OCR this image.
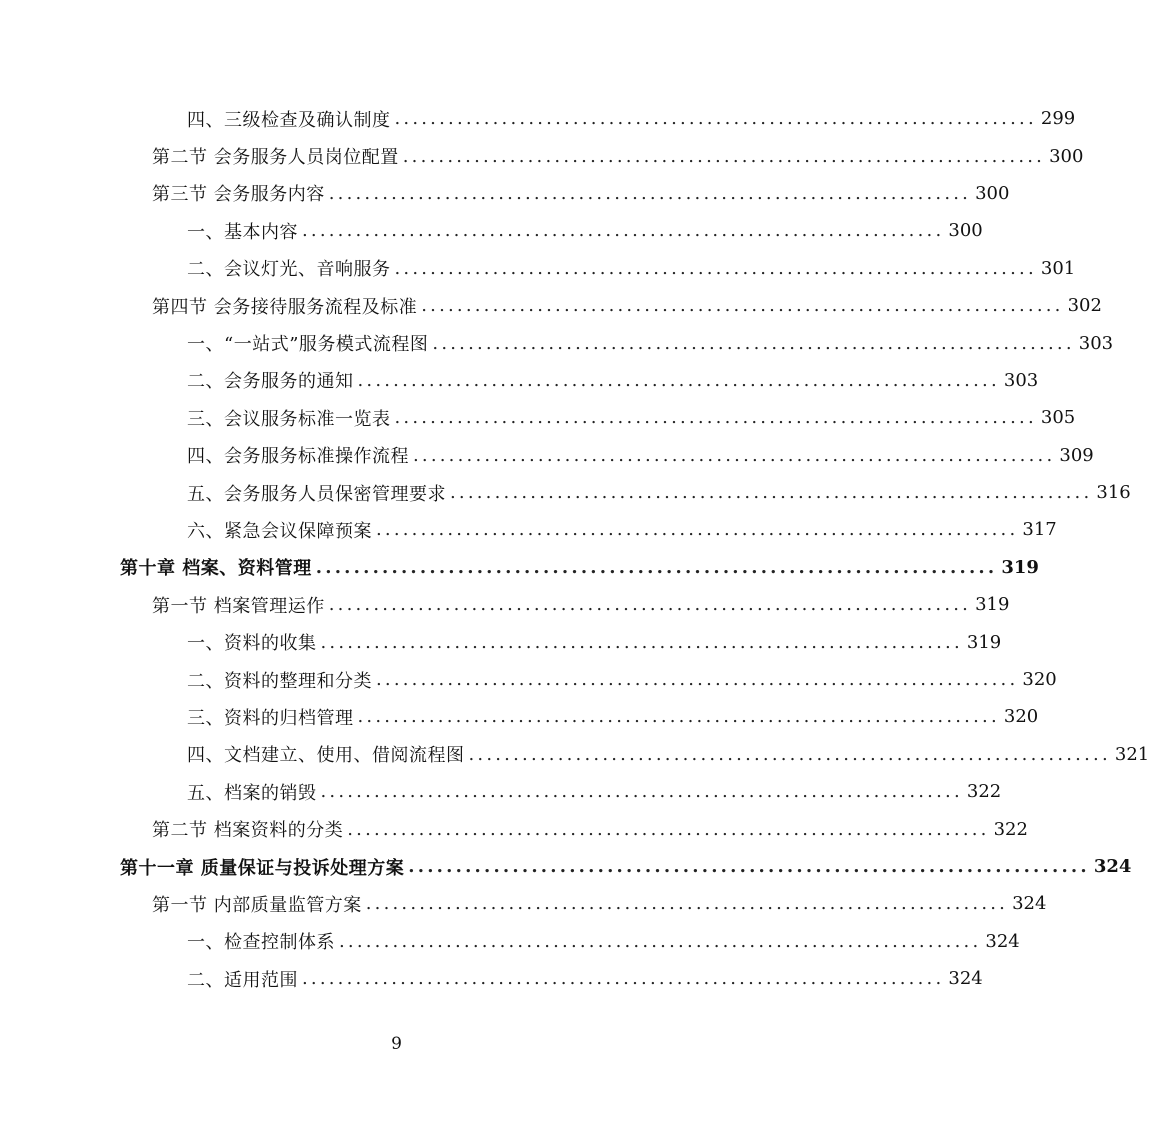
四、三级检查及确认制度 ........................................................................ 299
第二节 会务服务人员岗位配置 ........................................................................ 300
第三节 会务服务内容 ........................................................................ 300
一、基本内容 ........................................................................ 300
二、会议灯光、音响服务 ........................................................................ 301
第四节 会务接待服务流程及标准 ........................................................................ 302
一、“一站式”服务模式流程图 ........................................................................ 303
二、会务服务的通知 ........................................................................ 303
三、会议服务标准一览表 ........................................................................ 305
四、会务服务标准操作流程 ........................................................................ 309
五、会务服务人员保密管理要求 ........................................................................ 316
六、紧急会议保障预案 ........................................................................ 317
第十章 档案、资料管理 ........................................................................ 319
第一节 档案管理运作 ........................................................................ 319
一、资料的收集 ........................................................................ 319
二、资料的整理和分类 ........................................................................ 320
三、资料的归档管理 ........................................................................ 320
四、文档建立、使用、借阅流程图 ........................................................................ 321
五、档案的销毁 ........................................................................ 322
第二节 档案资料的分类 ........................................................................ 322
第十一章 质量保证与投诉处理方案 ........................................................................ 324
第一节 内部质量监管方案 ........................................................................ 324
一、检查控制体系 ........................................................................ 324
二、适用范围 ........................................................................ 324
9
